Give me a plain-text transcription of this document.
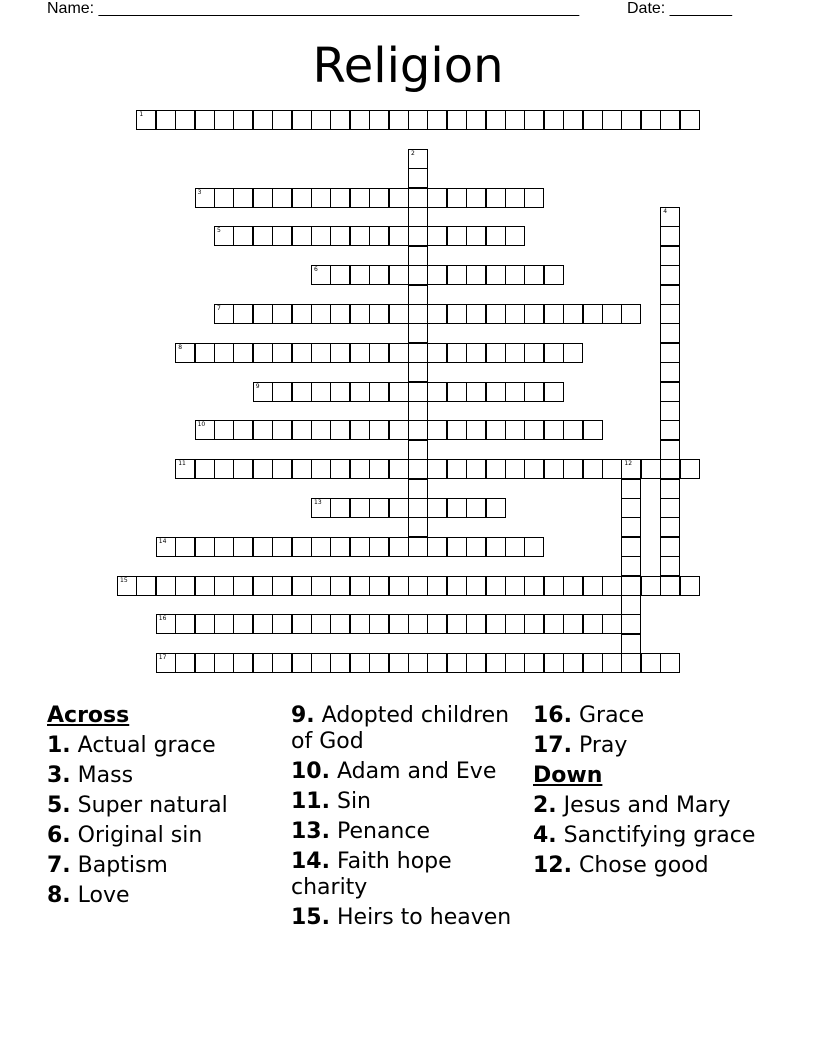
Name: ______________________________________________________	Date: _______
Religion
1
2
3
4
5
6
7
8
9
10
11	12
13
14
15
16
17
Across
1. Actual grace
3. Mass
5. Super natural
6. Original sin
7. Baptism
8. Love
9. Adopted children of God
10. Adam and Eve
11. Sin
13. Penance
14. Faith hope charity
15. Heirs to heaven
16. Grace
17. Pray
Down
2. Jesus and Mary
4. Sanctifying grace
12. Chose good
